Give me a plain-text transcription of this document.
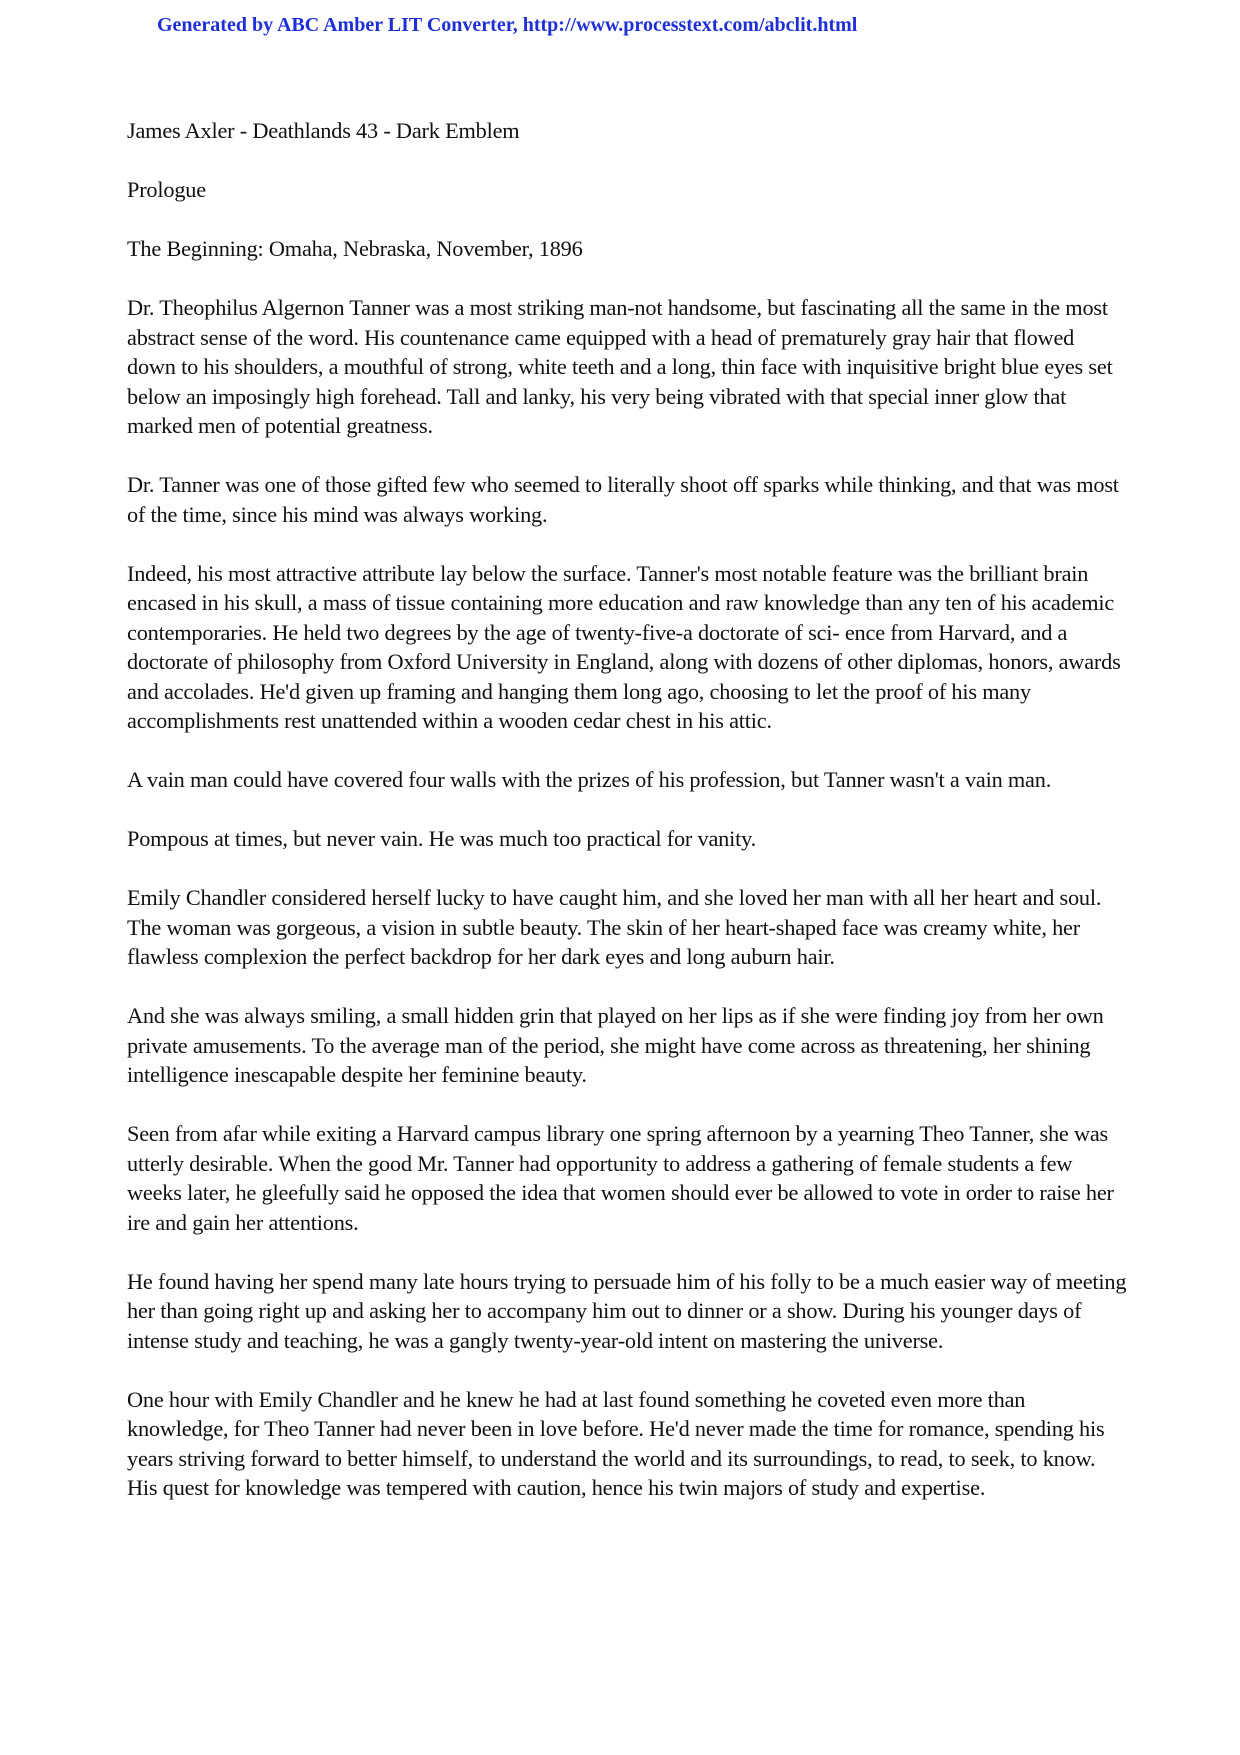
Generated by ABC Amber LIT Converter, http://www.processtext.com/abclit.html

James Axler - Deathlands 43 - Dark Emblem

Prologue

The Beginning: Omaha, Nebraska, November, 1896

Dr. Theophilus Algernon Tanner was a most striking man-not handsome, but fascinating all the same in the most abstract sense of the word. His countenance came equipped with a head of prematurely gray hair that flowed down to his shoulders, a mouthful of strong, white teeth and a long, thin face with inquisitive bright blue eyes set below an imposingly high forehead. Tall and lanky, his very being vibrated with that special inner glow that marked men of potential greatness.

Dr. Tanner was one of those gifted few who seemed to literally shoot off sparks while thinking, and that was most of the time, since his mind was always working.

Indeed, his most attractive attribute lay below the surface. Tanner's most notable feature was the brilliant brain encased in his skull, a mass of tissue containing more education and raw knowledge than any ten of his academic contemporaries. He held two degrees by the age of twenty-five-a doctorate of sci- ence from Harvard, and a doctorate of philosophy from Oxford University in England, along with dozens of other diplomas, honors, awards and accolades. He'd given up framing and hanging them long ago, choosing to let the proof of his many accomplishments rest unattended within a wooden cedar chest in his attic.

A vain man could have covered four walls with the prizes of his profession, but Tanner wasn't a vain man.

Pompous at times, but never vain. He was much too practical for vanity.

Emily Chandler considered herself lucky to have caught him, and she loved her man with all her heart and soul. The woman was gorgeous, a vision in subtle beauty. The skin of her heart-shaped face was creamy white, her flawless complexion the perfect backdrop for her dark eyes and long auburn hair.

And she was always smiling, a small hidden grin that played on her lips as if she were finding joy from her own private amusements. To the average man of the period, she might have come across as threatening, her shining intelligence inescapable despite her feminine beauty.

Seen from afar while exiting a Harvard campus library one spring afternoon by a yearning Theo Tanner, she was utterly desirable. When the good Mr. Tanner had opportunity to address a gathering of female students a few weeks later, he gleefully said he opposed the idea that women should ever be allowed to vote in order to raise her ire and gain her attentions.

He found having her spend many late hours trying to persuade him of his folly to be a much easier way of meeting her than going right up and asking her to accompany him out to dinner or a show. During his younger days of intense study and teaching, he was a gangly twenty-year-old intent on mastering the universe.

One hour with Emily Chandler and he knew he had at last found something he coveted even more than knowledge, for Theo Tanner had never been in love before. He'd never made the time for romance, spending his years striving forward to better himself, to understand the world and its surroundings, to read, to seek, to know. His quest for knowledge was tempered with caution, hence his twin majors of study and expertise.
